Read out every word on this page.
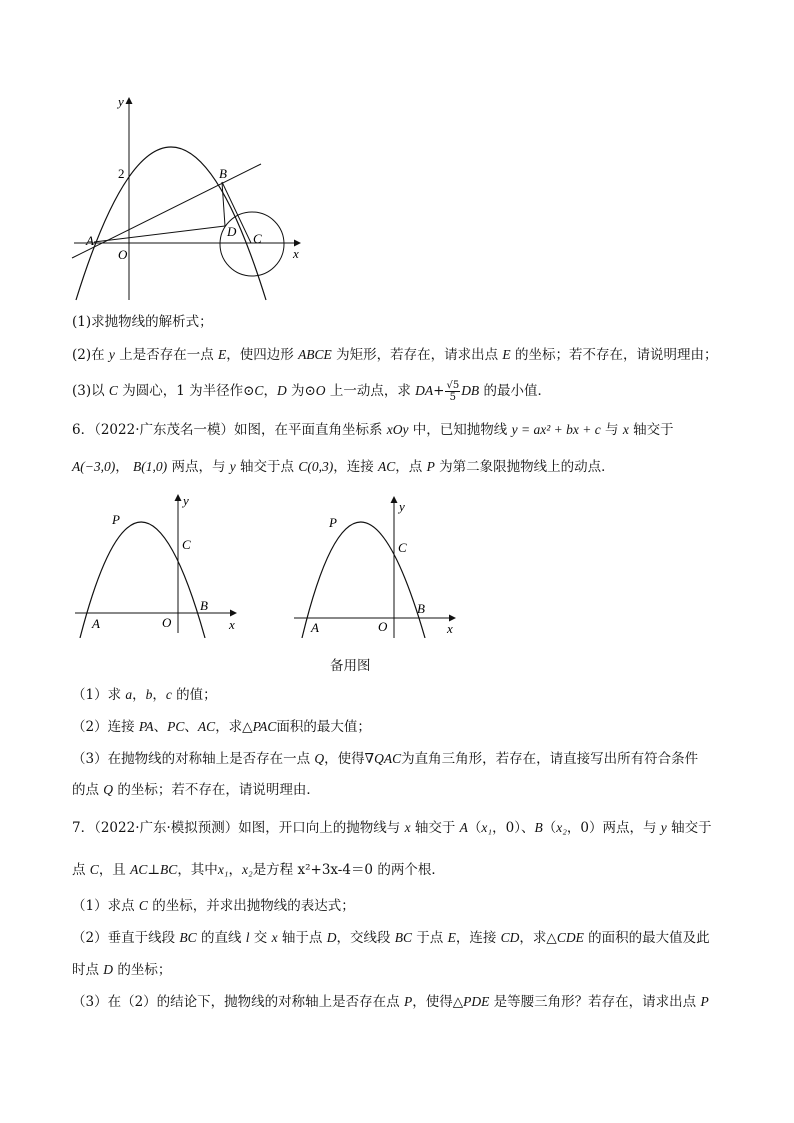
y
x
2
A
O
B
D C
(1)求抛物线的解析式；
(2)在 y 上是否存在一点 E，使四边形 ABCE 为矩形，若存在，请求出点 E 的坐标；若不存在，请说明理由；
(3)以 C 为圆心，1 为半径作⊙C，D 为⊙O 上一动点，求 $DA+ \frac{√5}{5}$ DB 的最小值．
6．（2022·广东茂名一模）如图，在平面直角坐标系 xOy 中，已知抛物线 y = ax² + bx + c 与 x 轴交于
A(−3,0)， B(1,0) 两点，与 y 轴交于点 C(0,3)，连接 AC，点 P 为第二象限抛物线上的动点．
P
y
C
B
A	O	x
P
y
C
B
A	O	x
备用图
（1）求 a，b，c 的值；
（2）连接 PA、PC、AC，求△PAC面积的最大值；
（3）在抛物线的对称轴上是否存在一点 Q，使得∇QAC为直角三角形，若存在，请直接写出所有符合条件
的点 Q 的坐标；若不存在，请说明理由．
7．（2022·广东·模拟预测）如图，开口向上的抛物线与 x 轴交于 A（x₁，0）、B（x₂，0）两点，与 y 轴交于
点 C，且 AC⊥BC，其中x₁，x₂是方程 x²+3x-4＝0 的两个根．
（1）求点 C 的坐标，并求出抛物线的表达式；
（2）垂直于线段 BC 的直线 l 交 x 轴于点 D，交线段 BC 于点 E，连接 CD，求△CDE 的面积的最大值及此
时点 D 的坐标；
（3）在（2）的结论下，抛物线的对称轴上是否存在点 P，使得△PDE 是等腰三角形？若存在，请求出点 P
